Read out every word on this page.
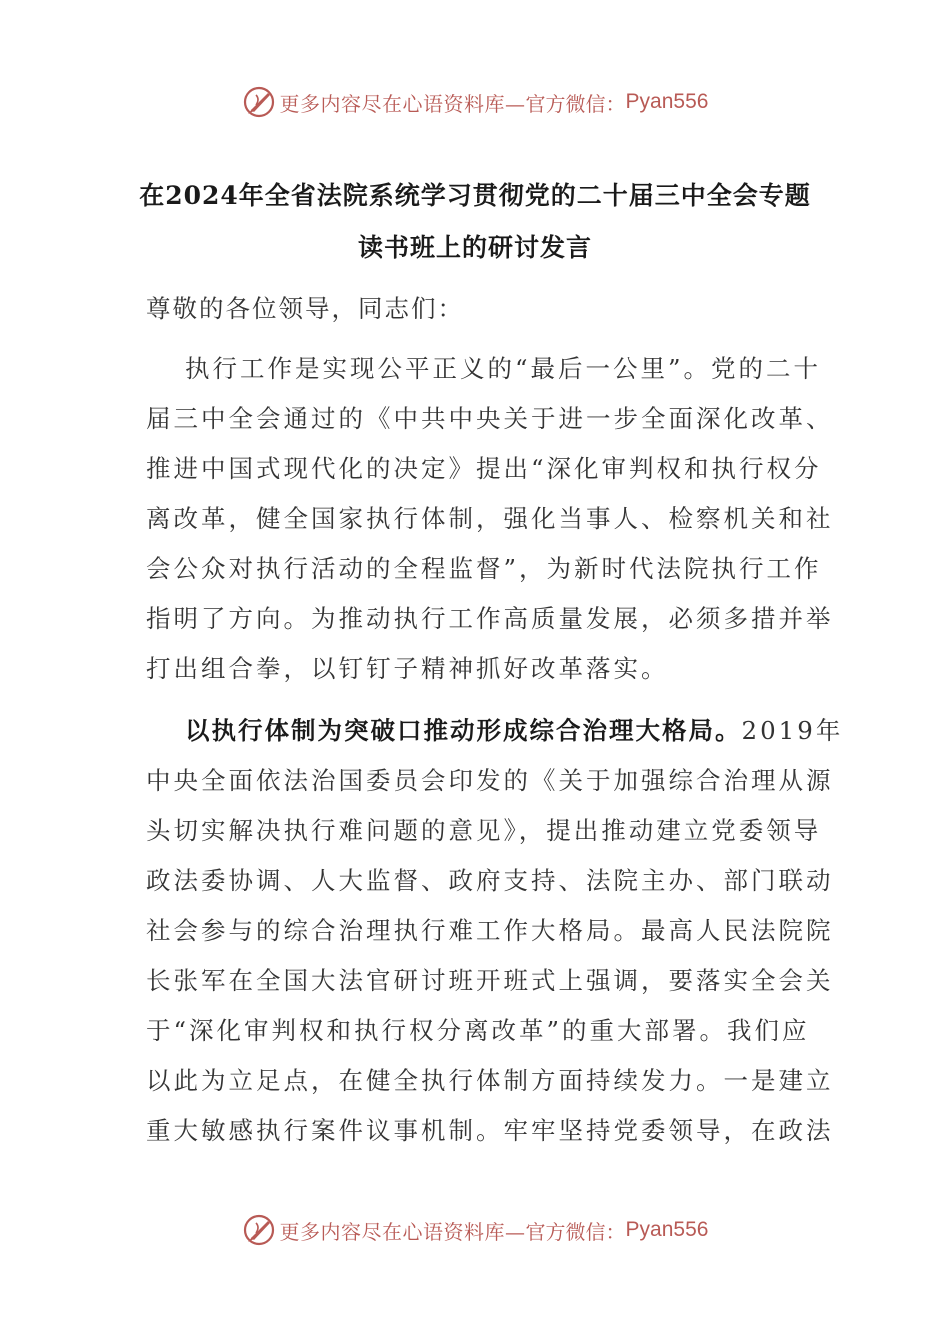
更多内容尽在心语资料库— 官方微信： Pyan556
在2024年全省法院系统学习贯彻党的二十届三中全会专题
读书班上的研讨发言
尊敬的各位领导，同志们：
执行工作是实现公平正义的“最后一公里”。党的二十
届三中全会通过的《中共中央关于进一步全面深化改革、
推进中国式现代化的决定》提出“深化审判权和执行权分
离改革，健全国家执行体制，强化当事人、检察机关和社
会公众对执行活动的全程监督”，为新时代法院执行工作
指明了方向。为推动执行工作高质量发展，必须多措并举
打出组合拳，以钉钉子精神抓好改革落实。
以执行体制为突破口推动形成综合治理大格局。2019年
中央全面依法治国委员会印发的《关于加强综合治理从源
头切实解决执行难问题的意见》，提出推动建立党委领导
政法委协调、人大监督、政府支持、法院主办、部门联动
社会参与的综合治理执行难工作大格局。最高人民法院院
长张军在全国大法官研讨班开班式上强调，要落实全会关
于“深化审判权和执行权分离改革”的重大部署。我们应
以此为立足点，在健全执行体制方面持续发力。一是建立
重大敏感执行案件议事机制。牢牢坚持党委领导，在政法
更多内容尽在心语资料库— 官方微信： Pyan556
